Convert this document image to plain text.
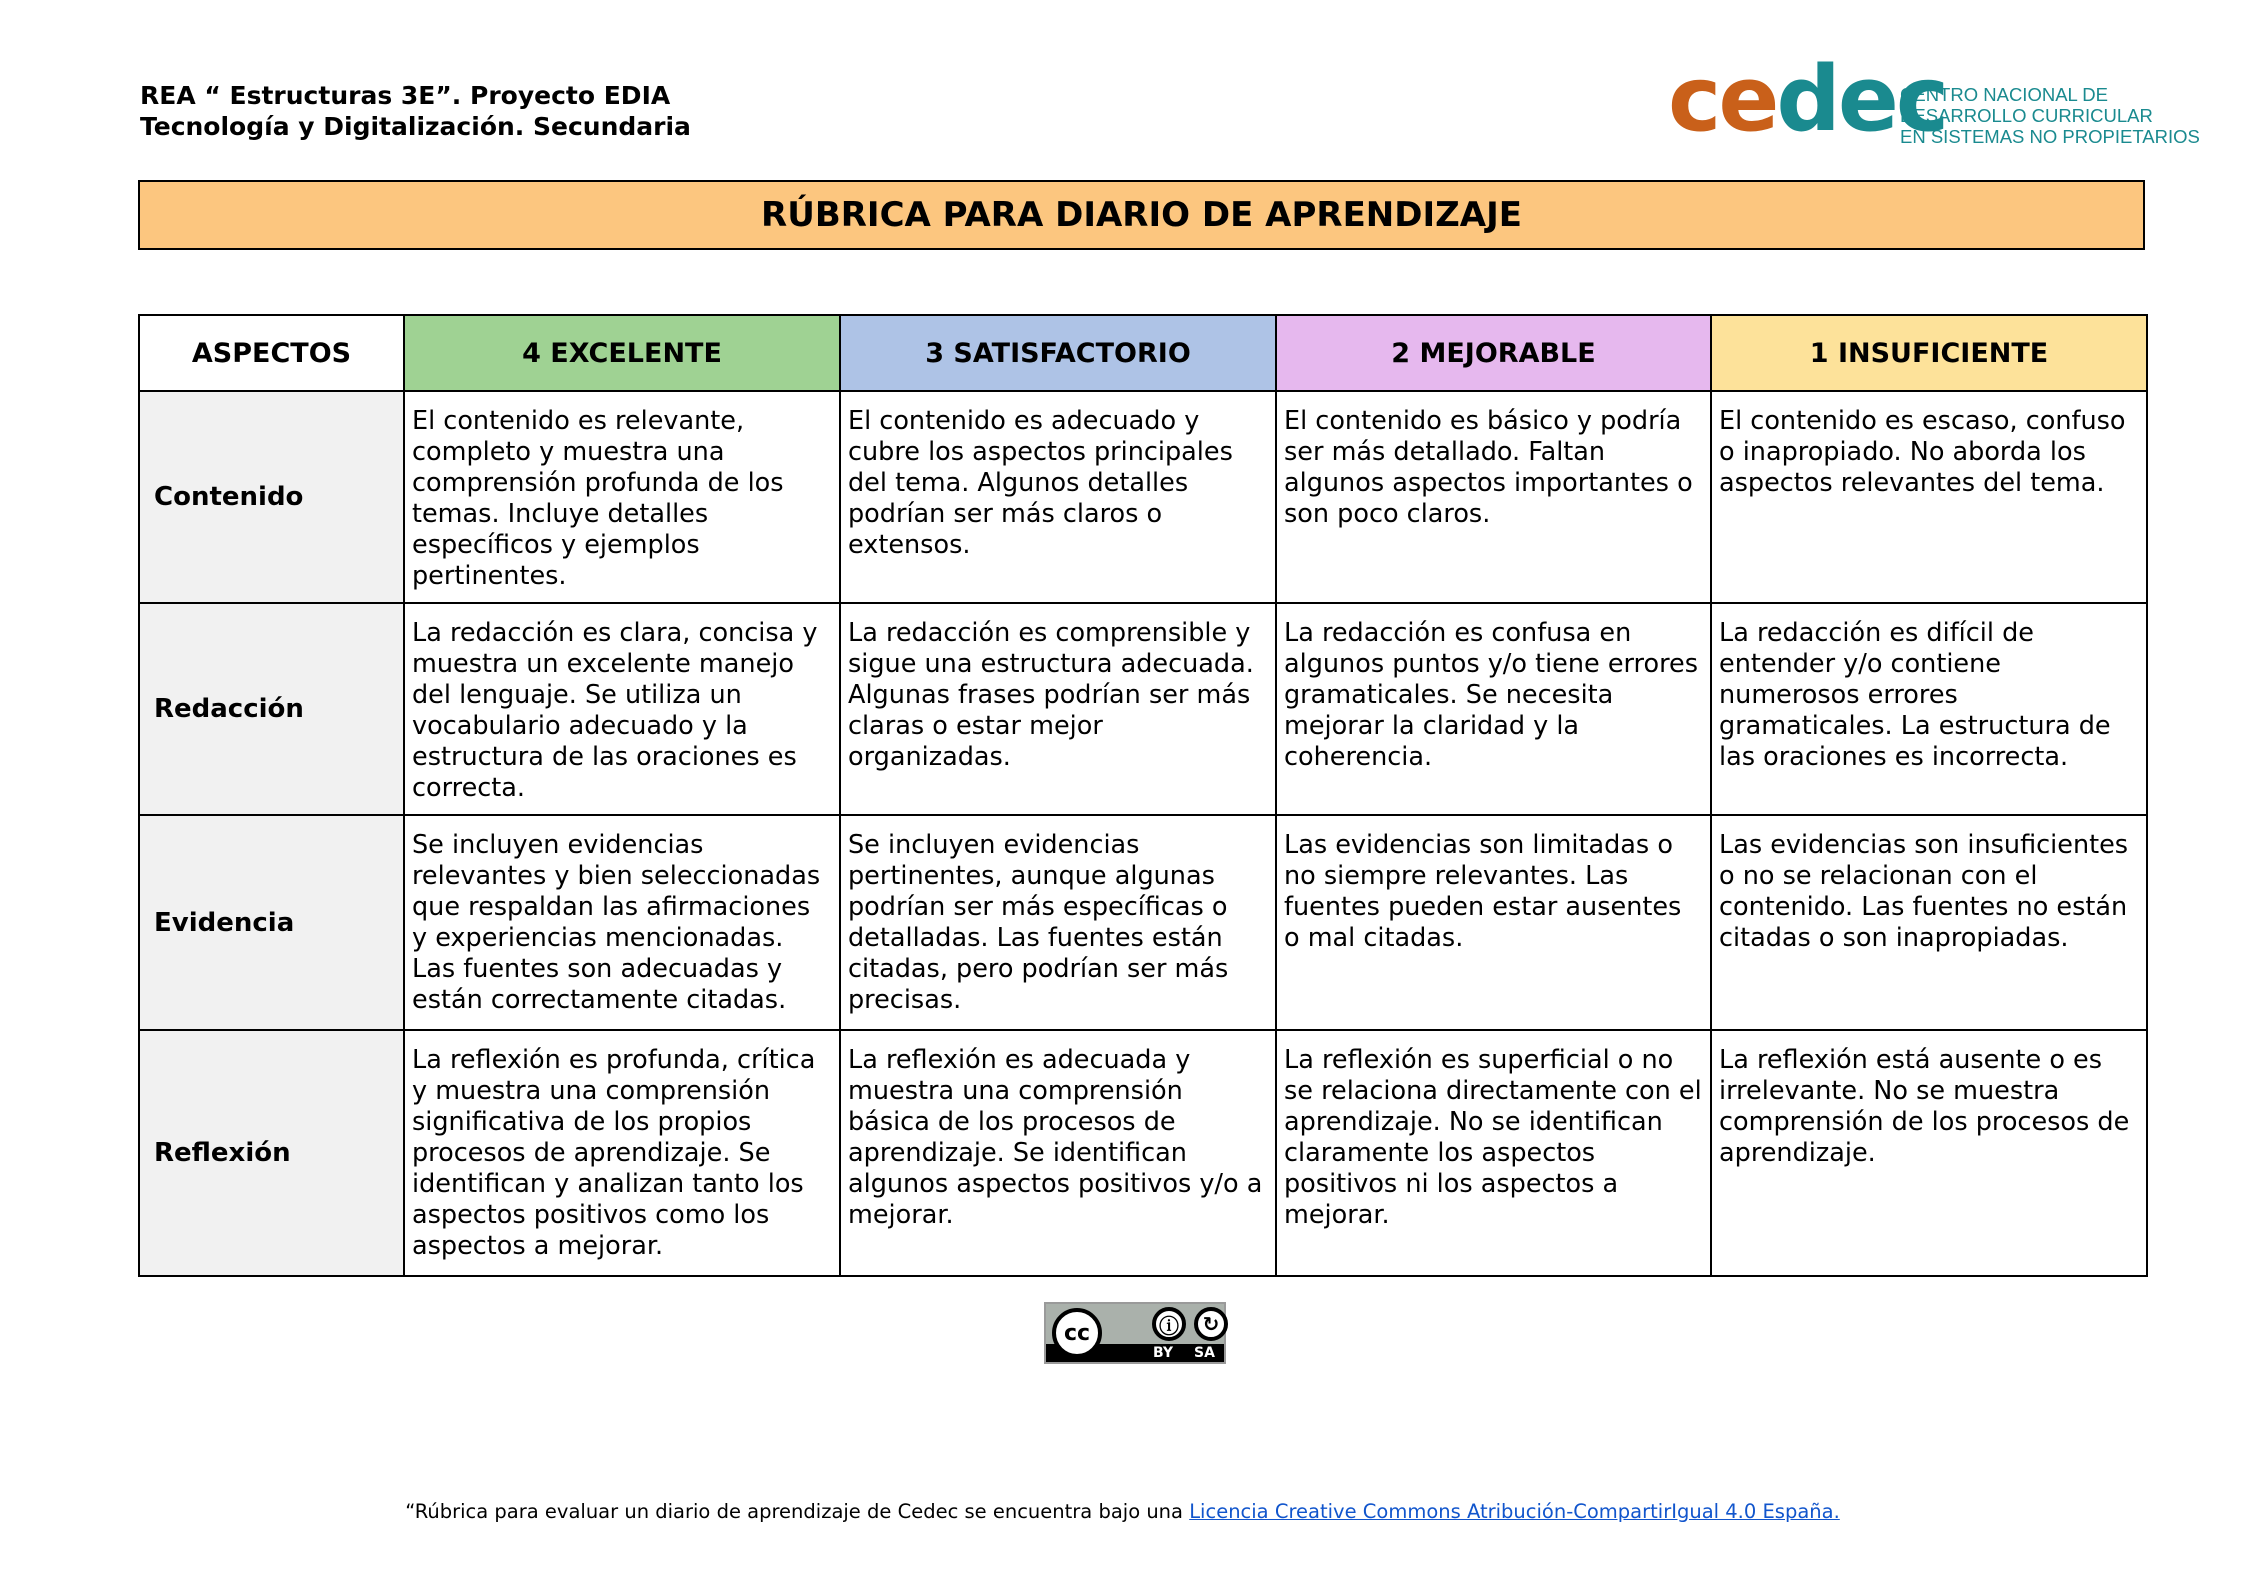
REA “ Estructuras 3E”. Proyecto EDIA
Tecnología y Digitalización. Secundaria	cedec
CENTRO NACIONAL DE
DESARROLLO CURRICULAR
EN SISTEMAS NO PROPIETARIOS
RÚBRICA PARA DIARIO DE APRENDIZAJE
ASPECTOS	4 EXCELENTE	3 SATISFACTORIO	2 MEJORABLE	1 INSUFICIENTE
Contenido	El contenido es relevante, completo y muestra una comprensión profunda de los temas. Incluye detalles específicos y ejemplos pertinentes.	El contenido es adecuado y cubre los aspectos principales del tema. Algunos detalles podrían ser más claros o extensos.	El contenido es básico y podría ser más detallado. Faltan algunos aspectos importantes o son poco claros.	El contenido es escaso, confuso o inapropiado. No aborda los aspectos relevantes del tema.
Redacción	La redacción es clara, concisa y muestra un excelente manejo del lenguaje. Se utiliza un vocabulario adecuado y la estructura de las oraciones es correcta.	La redacción es comprensible y sigue una estructura adecuada. Algunas frases podrían ser más claras o estar mejor organizadas.	La redacción es confusa en algunos puntos y/o tiene errores gramaticales. Se necesita mejorar la claridad y la coherencia.	La redacción es difícil de entender y/o contiene numerosos errores gramaticales. La estructura de las oraciones es incorrecta.
Evidencia	Se incluyen evidencias relevantes y bien seleccionadas que respaldan las afirmaciones y experiencias mencionadas. Las fuentes son adecuadas y están correctamente citadas.	Se incluyen evidencias pertinentes, aunque algunas podrían ser más específicas o detalladas. Las fuentes están citadas, pero podrían ser más precisas.	Las evidencias son limitadas o no siempre relevantes. Las fuentes pueden estar ausentes o mal citadas.	Las evidencias son insuficientes o no se relacionan con el contenido. Las fuentes no están citadas o son inapropiadas.
Reflexión	La reflexión es profunda, crítica y muestra una comprensión significativa de los propios procesos de aprendizaje. Se identifican y analizan tanto los aspectos positivos como los aspectos a mejorar.	La reflexión es adecuada y muestra una comprensión básica de los procesos de aprendizaje. Se identifican algunos aspectos positivos y/o a mejorar.	La reflexión es superficial o no se relaciona directamente con el aprendizaje. No se identifican claramente los aspectos positivos ni los aspectos a mejorar.	La reflexión está ausente o es irrelevante. No se muestra comprensión de los procesos de aprendizaje.
cc	ⓘ	↻
BY SA
“Rúbrica para evaluar un diario de aprendizaje de Cedec se encuentra bajo una Licencia Creative Commons Atribución-CompartirIgual 4.0 España.
